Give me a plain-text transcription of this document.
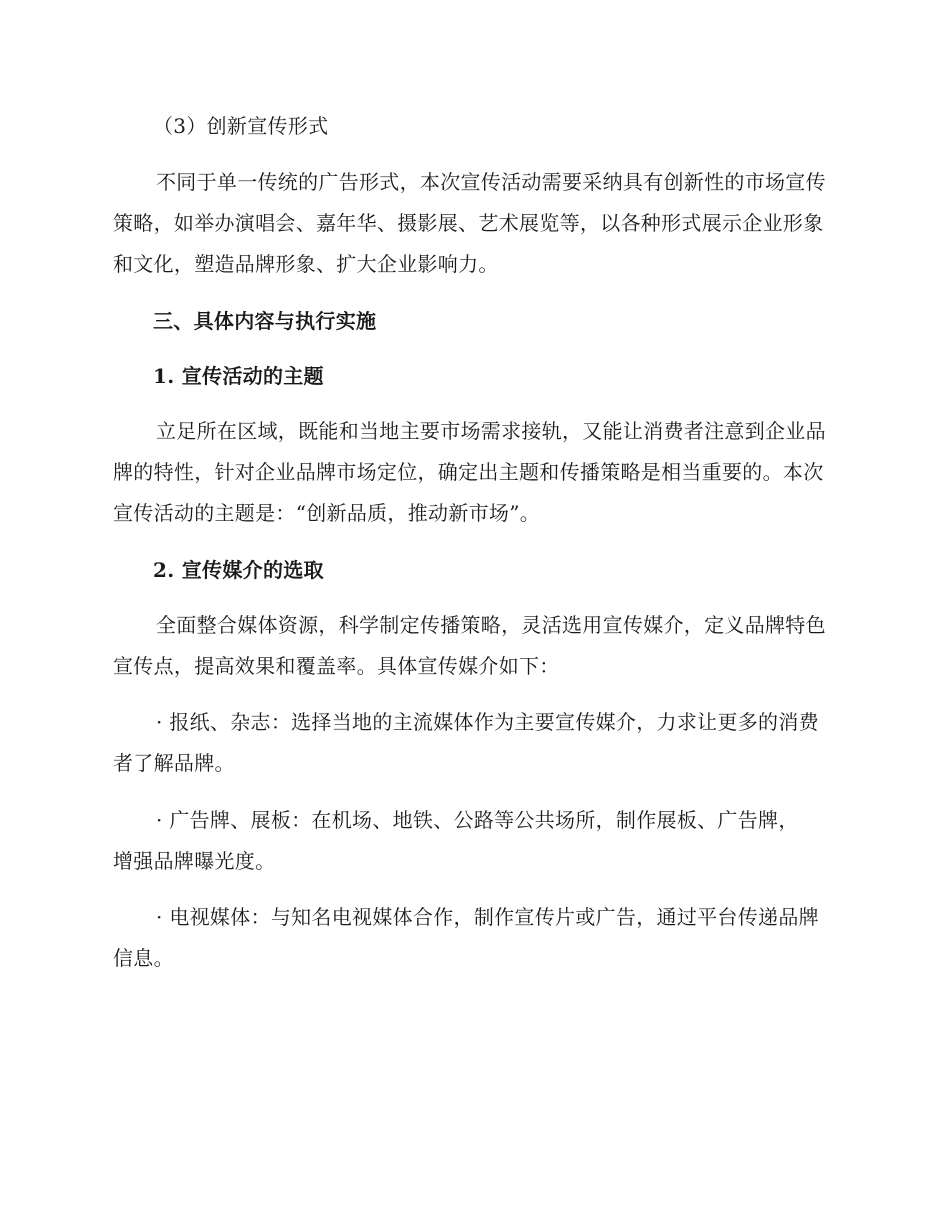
（3）创新宣传形式

不同于单一传统的广告形式，本次宣传活动需要采纳具有创新性的市场宣传策略，如举办演唱会、嘉年华、摄影展、艺术展览等，以各种形式展示企业形象和文化，塑造品牌形象、扩大企业影响力。

三、具体内容与执行实施

1. 宣传活动的主题

立足所在区域，既能和当地主要市场需求接轨，又能让消费者注意到企业品牌的特性，针对企业品牌市场定位，确定出主题和传播策略是相当重要的。本次宣传活动的主题是：“创新品质，推动新市场”。

2. 宣传媒介的选取

全面整合媒体资源，科学制定传播策略，灵活选用宣传媒介，定义品牌特色宣传点，提高效果和覆盖率。具体宣传媒介如下：

· 报纸、杂志：选择当地的主流媒体作为主要宣传媒介，力求让更多的消费者了解品牌。

· 广告牌、展板：在机场、地铁、公路等公共场所，制作展板、广告牌，增强品牌曝光度。

· 电视媒体：与知名电视媒体合作，制作宣传片或广告，通过平台传递品牌信息。
